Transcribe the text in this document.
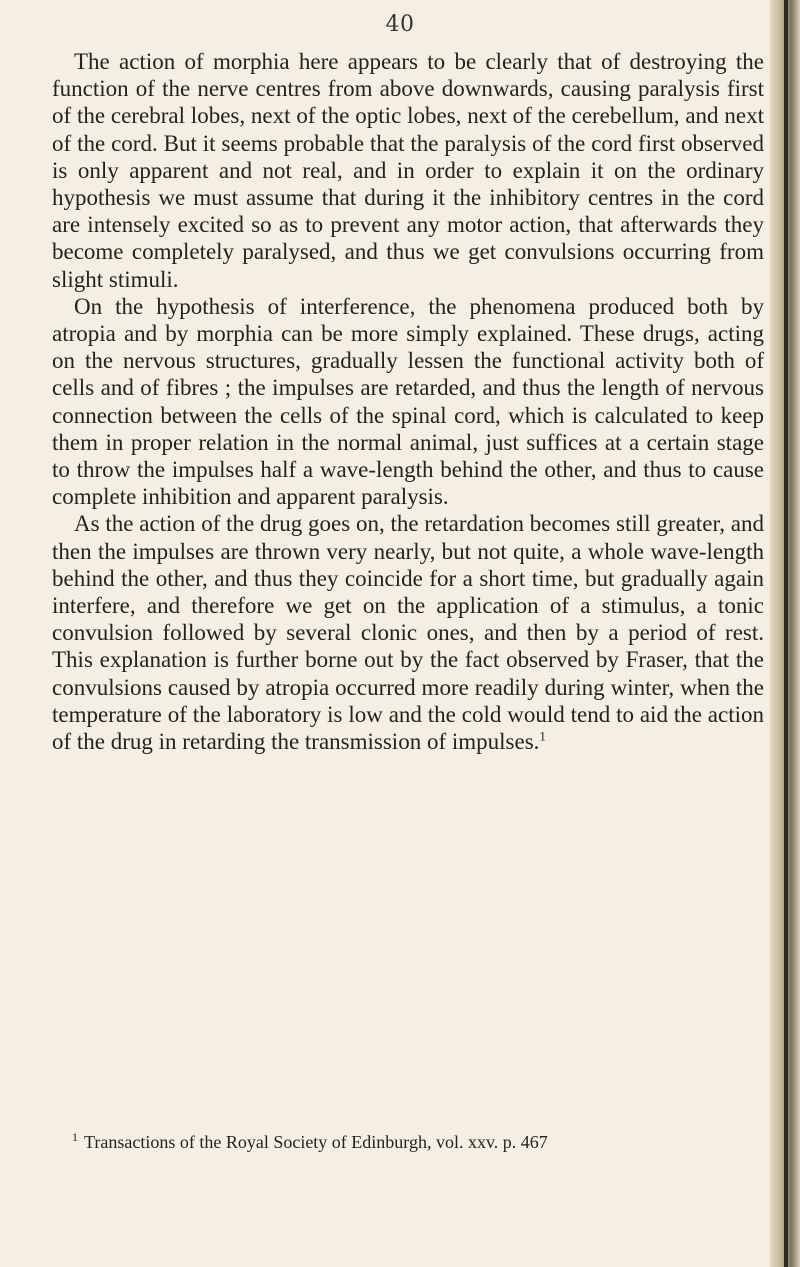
40

The action of morphia here appears to be clearly that of destroying the function of the nerve centres from above downwards, causing paralysis first of the cerebral lobes, next of the optic lobes, next of the cerebellum, and next of the cord. But it seems probable that the paralysis of the cord first observed is only apparent and not real, and in order to explain it on the ordinary hypothesis we must assume that during it the inhibitory centres in the cord are intensely excited so as to prevent any motor action, that afterwards they become completely paralysed, and thus we get convulsions occurring from slight stimuli.

On the hypothesis of interference, the phenomena produced both by atropia and by morphia can be more simply explained. These drugs, acting on the nervous structures, gradually lessen the functional activity both of cells and of fibres ; the impulses are retarded, and thus the length of nervous connection between the cells of the spinal cord, which is calculated to keep them in proper relation in the normal animal, just suffices at a certain stage to throw the impulses half a wave-length behind the other, and thus to cause complete inhibition and apparent paralysis.

As the action of the drug goes on, the retardation becomes still greater, and then the impulses are thrown very nearly, but not quite, a whole wave-length behind the other, and thus they coincide for a short time, but gradually again interfere, and therefore we get on the application of a stimulus, a tonic convulsion followed by several clonic ones, and then by a period of rest. This explanation is further borne out by the fact observed by Fraser, that the convulsions caused by atropia occurred more readily during winter, when the temperature of the laboratory is low and the cold would tend to aid the action of the drug in retarding the transmission of impulses.$^1$

$^1$ Transactions of the Royal Society of Edinburgh, vol. xxv. p. 467
